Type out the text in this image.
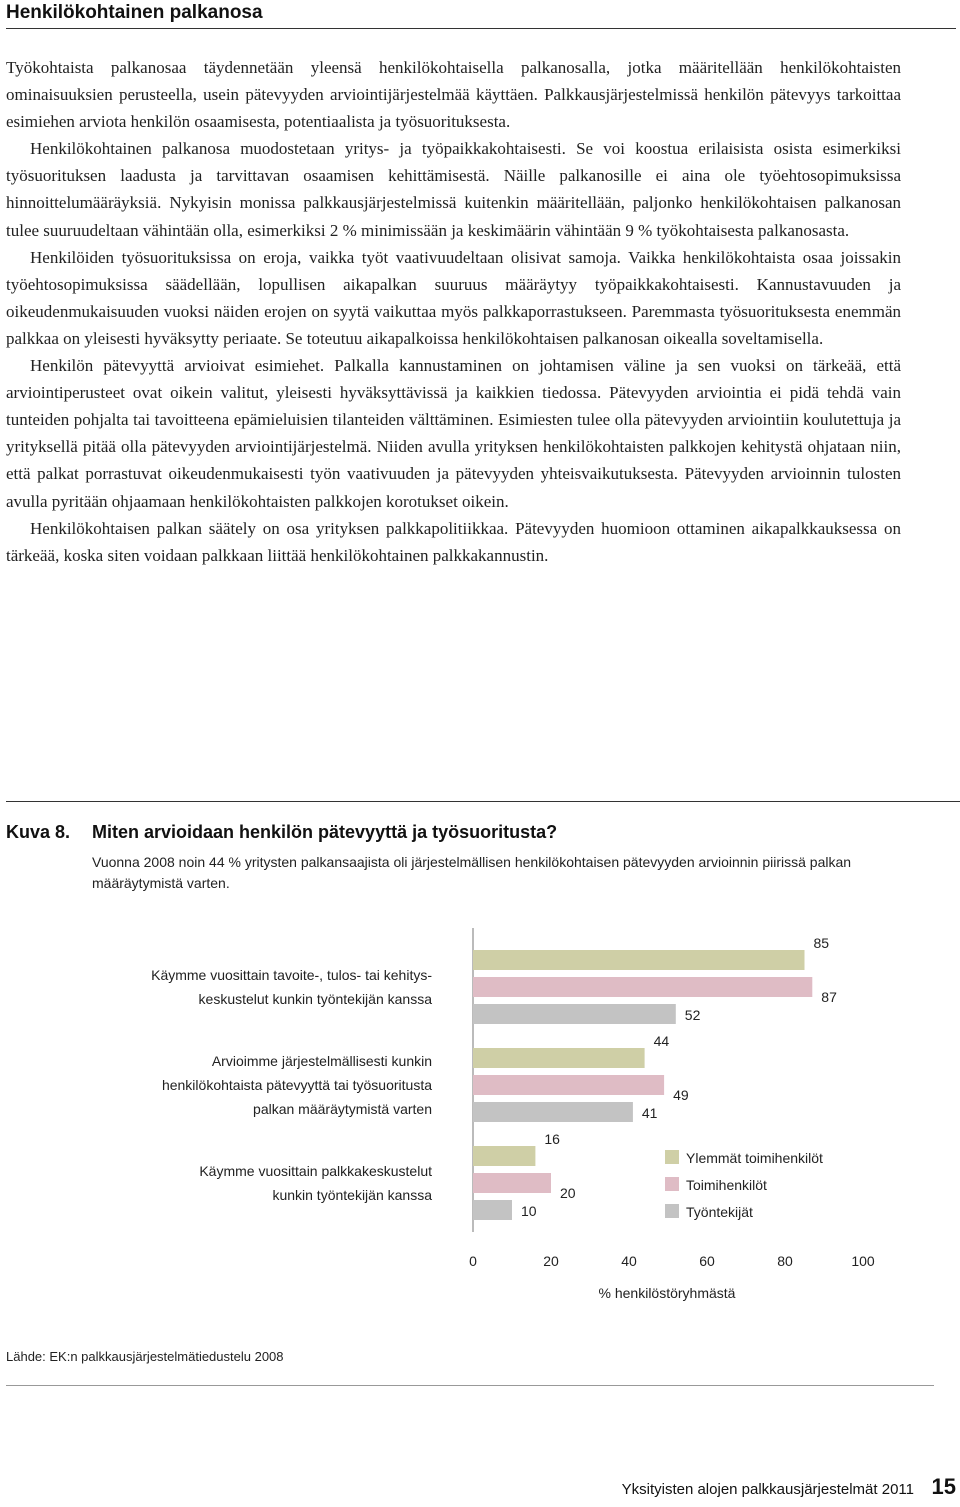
Henkilökohtainen palkanosa

Työkohtaista palkanosaa täydennetään yleensä henkilökohtaisella palkanosalla, jotka määritellään henkilökohtaisten ominaisuuksien perusteella, usein pätevyyden arviointijärjestelmää käyttäen. Palkkausjärjestelmissä henkilön pätevyys tarkoittaa esimiehen arviota henkilön osaamisesta, potentiaalista ja työsuorituksesta.

Henkilökohtainen palkanosa muodostetaan yritys- ja työpaikkakohtaisesti. Se voi koostua erilaisista osista esimerkiksi työsuorituksen laadusta ja tarvittavan osaamisen kehittämisestä. Näille palkanosille ei aina ole työehtosopimuksissa hinnoittelumääräyksiä. Nykyisin monissa palkkausjärjestelmissä kuitenkin määritellään, paljonko henkilökohtaisen palkanosan tulee suuruudeltaan vähintään olla, esimerkiksi 2 % minimissään ja keskimäärin vähintään 9 % työkohtaisesta palkanosasta.

Henkilöiden työsuorituksissa on eroja, vaikka työt vaativuudeltaan olisivat samoja. Vaikka henkilökohtaista osaa joissakin työehtosopimuksissa säädellään, lopullisen aikapalkan suuruus määräytyy työpaikkakohtaisesti. Kannustavuuden ja oikeudenmukaisuuden vuoksi näiden erojen on syytä vaikuttaa myös palkkaporrastukseen. Paremmasta työsuorituksesta enemmän palkkaa on yleisesti hyväksytty periaate. Se toteutuu aikapalkoissa henkilökohtaisen palkanosan oikealla soveltamisella.

Henkilön pätevyyttä arvioivat esimiehet. Palkalla kannustaminen on johtamisen väline ja sen vuoksi on tärkeää, että arviointiperusteet ovat oikein valitut, yleisesti hyväksyttävissä ja kaikkien tiedossa. Pätevyyden arviointia ei pidä tehdä vain tunteiden pohjalta tai tavoitteena epämieluisien tilanteiden välttäminen. Esimiesten tulee olla pätevyyden arviointiin koulutettuja ja yrityksellä pitää olla pätevyyden arviointijärjestelmä. Niiden avulla yrityksen henkilökohtaisten palkkojen kehitystä ohjataan niin, että palkat porrastuvat oikeudenmukaisesti työn vaativuuden ja pätevyyden yhteisvaikutuksesta. Pätevyyden arvioinnin tulosten avulla pyritään ohjaamaan henkilökohtaisten palkkojen korotukset oikein.

Henkilökohtaisen palkan säätely on osa yrityksen palkkapolitiikkaa. Pätevyyden huomioon ottaminen aikapalkkauksessa on tärkeää, koska siten voidaan palkkaan liittää henkilökohtainen palkkakannustin.

Kuva 8. Miten arvioidaan henkilön pätevyyttä ja työsuoritusta?
Vuonna 2008 noin 44 % yritysten palkansaajista oli järjestelmällisen henkilökohtaisen pätevyyden arvioinnin piirissä palkan määräytymistä varten.
Käymme vuosittain tavoite-, tulos- tai kehitys-
keskustelut kunkin työntekijän kanssa
Arvioimme järjestelmällisesti kunkin
henkilökohtaista pätevyyttä tai työsuoritusta
palkan määräytymistä varten
Käymme vuosittain palkkakeskustelut
kunkin työntekijän kanssa
85
44
16
87
49
20
52
41
10
0	20	40	60	80	100
% henkilöstöryhmästä
Ylemmät toimihenkilöt
Toimihenkilöt
Työntekijät
Lähde: EK:n palkkausjärjestelmätiedustelu 2008
Yksityisten alojen palkkausjärjestelmät 2011 15
